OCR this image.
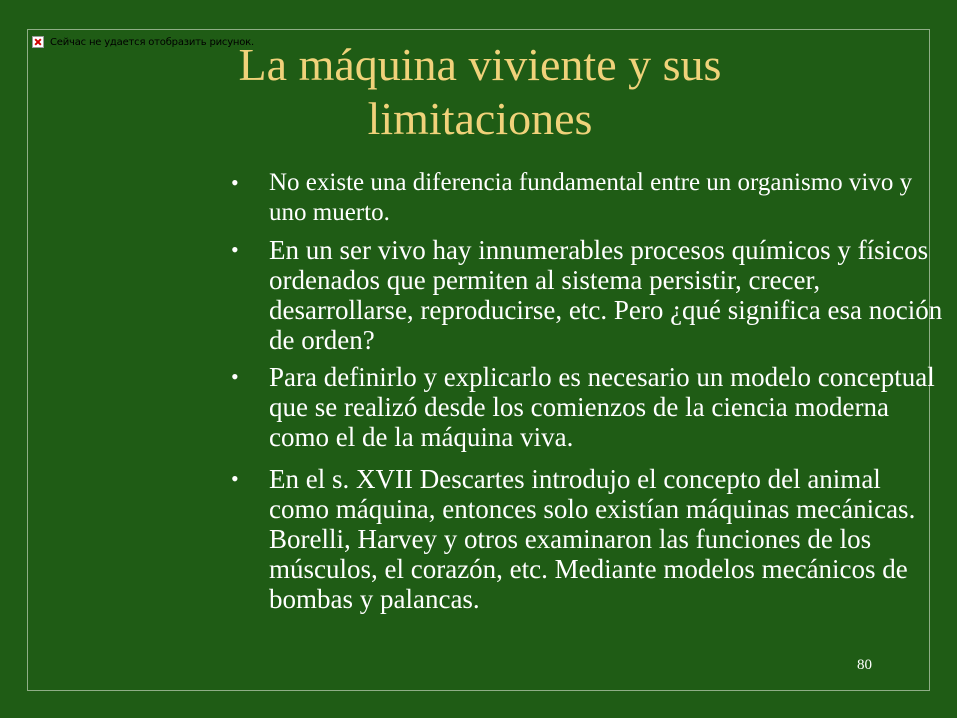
Сейчас не удается отобразить рисунок.
La máquina viviente y sus limitaciones
• No existe una diferencia fundamental entre un organismo vivo y uno muerto.
• En un ser vivo hay innumerables procesos químicos y físicos ordenados que permiten al sistema persistir, crecer, desarrollarse, reproducirse, etc. Pero ¿qué significa esa noción de orden?
• Para definirlo y explicarlo es necesario un modelo conceptual que se realizó desde los comienzos de la ciencia moderna como el de la máquina viva.
• En el s. XVII Descartes introdujo el concepto del animal como máquina, entonces solo existían máquinas mecánicas. Borelli, Harvey y otros examinaron las funciones de los músculos, el corazón, etc. Mediante modelos mecánicos de bombas y palancas.
80
